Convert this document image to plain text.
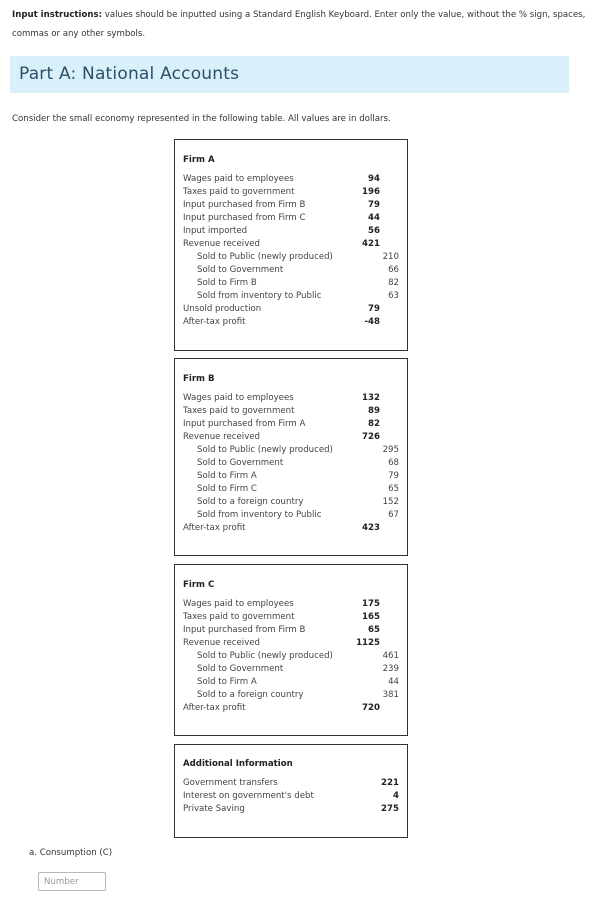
Input instructions: values should be inputted using a Standard English Keyboard. Enter only the value, without the % sign, spaces, commas or any other symbols.
Part A: National Accounts
Consider the small economy represented in the following table. All values are in dollars.
Firm A
Wages paid to employees	94
Taxes paid to government	196
Input purchased from Firm B	79
Input purchased from Firm C	44
Input imported	56
Revenue received	421
Sold to Public (newly produced)	210
Sold to Government	66
Sold to Firm B	82
Sold from inventory to Public	63
Unsold production	79
After-tax profit	-48
Firm B
Wages paid to employees	132
Taxes paid to government	89
Input purchased from Firm A	82
Revenue received	726
Sold to Public (newly produced)	295
Sold to Government	68
Sold to Firm A	79
Sold to Firm C	65
Sold to a foreign country	152
Sold from inventory to Public	67
After-tax profit	423
Firm C
Wages paid to employees	175
Taxes paid to government	165
Input purchased from Firm B	65
Revenue received	1125
Sold to Public (newly produced)	461
Sold to Government	239
Sold to Firm A	44
Sold to a foreign country	381
After-tax profit	720
Additional Information
Government transfers	221
Interest on government's debt	4
Private Saving	275
a. Consumption (C)
Number
